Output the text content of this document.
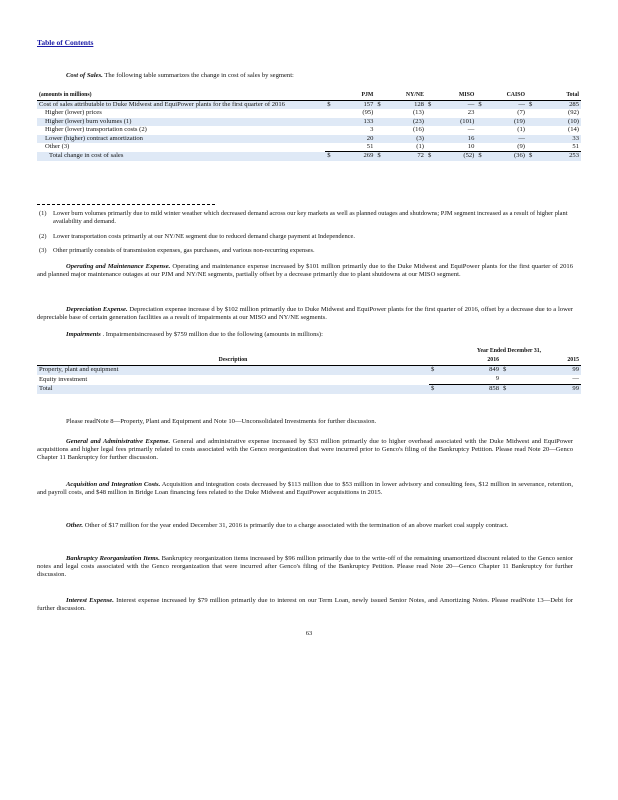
Table of Contents
Cost of Sales. The following table summarizes the change in cost of sales by segment:
(amounts in millions)		PJM		NY/NE		MISO		CAISO		Total
Cost of sales attributable to Duke Midwest and EquiPower plants for the first quarter of 2016	$	157	$	128	$	—	$	—	$	285
Higher (lower) prices		(95)		(13)		23		(7)		(92)
Higher (lower) burn volumes (1)		133		(23)		(101)		(19)		(10)
Higher (lower) transportation costs (2)		3		(16)		—		(1)		(14)
Lower (higher) contract amortization		20		(3)		16		—		33
Other (3)		51		(1)		10		(9)		51
Total change in cost of sales	$	269	$	72	$	(52)	$	(36)	$	253
(1) Lower burn volumes primarily due to mild winter weather which decreased demand across our key markets as well as planned outages and shutdowns; PJM segment increased as a result of higher plant availability and demand.
(2) Lower transportation costs primarily at our NY/NE segment due to reduced demand charge payment at Independence.
(3) Other primarily consists of transmission expenses, gas purchases, and various non-recurring expenses.
Operating and Maintenance Expense. Operating and maintenance expense increased by $101 million primarily due to the Duke Midwest and EquiPower plants for the first quarter of 2016 and planned major maintenance outages at our PJM and NY/NE segments, partially offset by a decrease primarily due to plant shutdowns at our MISO segment.
Depreciation Expense. Depreciation expense increase d by $102 million primarily due to Duke Midwest and EquiPower plants for the first quarter of 2016, offset by a decrease due to a lower depreciable base of certain generation facilities as a result of impairments at our MISO and NY/NE segments.
Impairments . Impairmentsincreased by $759 million due to the following (amounts in millions):
		Year Ended December 31,		
Description		2016		2015
Property, plant and equipment	$	849	$	99
Equity investment		9		—
Total	$	858	$	99
Please readNote 8—Property, Plant and Equipment and Note 10—Unconsolidated Investments for further discussion.
General and Administrative Expense. General and administrative expense increased by $33 million primarily due to higher overhead associated with the Duke Midwest and EquiPower acquisitions and higher legal fees primarily related to costs associated with the Genco reorganization that were incurred prior to Genco's filing of the Bankruptcy Petition. Please read Note 20—Genco Chapter 11 Bankruptcy for further discussion.
Acquisition and Integration Costs. Acquisition and integration costs decreased by $113 million due to $53 million in lower advisory and consulting fees, $12 million in severance, retention, and payroll costs, and $48 million in Bridge Loan financing fees related to the Duke Midwest and EquiPower acquisitions in 2015.
Other. Other of $17 million for the year ended December 31, 2016 is primarily due to a charge associated with the termination of an above market coal supply contract.
Bankruptcy Reorganization Items. Bankruptcy reorganization items increased by $96 million primarily due to the write-off of the remaining unamortized discount related to the Genco senior notes and legal costs associated with the Genco reorganization that were incurred after Genco's filing of the Bankruptcy Petition. Please read Note 20—Genco Chapter 11 Bankruptcy for further discussion.
Interest Expense. Interest expense increased by $79 million primarily due to interest on our Term Loan, newly issued Senior Notes, and Amortizing Notes. Please readNote 13—Debt for further discussion.
63
